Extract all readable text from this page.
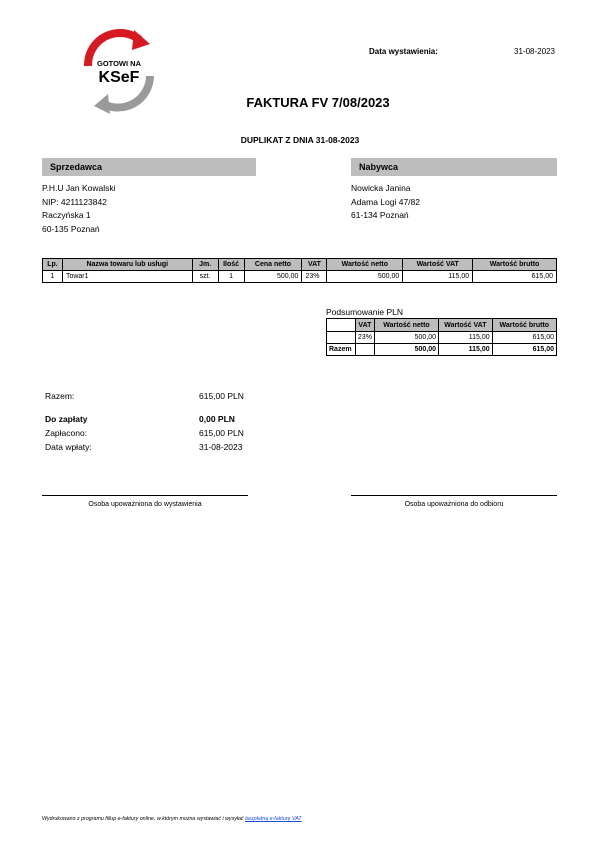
GOTOWI NA
KSeF
Data wystawienia:	31-08-2023
FAKTURA FV 7/08/2023
DUPLIKAT Z DNIA 31-08-2023
Sprzedawca	Nabywca
P.H.U Jan Kowalski
NIP: 4211123842
Raczyńska 1
60-135 Poznań
Nowicka Janina
Adama Logi 47/82
61-134 Poznań
Lp.	Nazwa towaru lub usługi	Jm.	Ilość	Cena netto	VAT	Wartość netto	Wartość VAT	Wartość brutto
1	Towar1	szt.	1	500,00	23%	500,00	115,00	615,00
Podsumowanie PLN
	VAT	Wartość netto	Wartość VAT	Wartość brutto
	23%	500,00	115,00	615,00
Razem		500,00	115,00	615,00
Razem:	615,00 PLN
Do zapłaty	0,00 PLN
Zapłacono:	615,00 PLN
Data wpłaty:	31-08-2023
Osoba upoważniona do wystawienia	Osoba upoważniona do odbioru
Wydrukowano z programu fillup e-faktury online, w którym można wystawiać i wysyłać bezpłatną e-fakturę VAT
